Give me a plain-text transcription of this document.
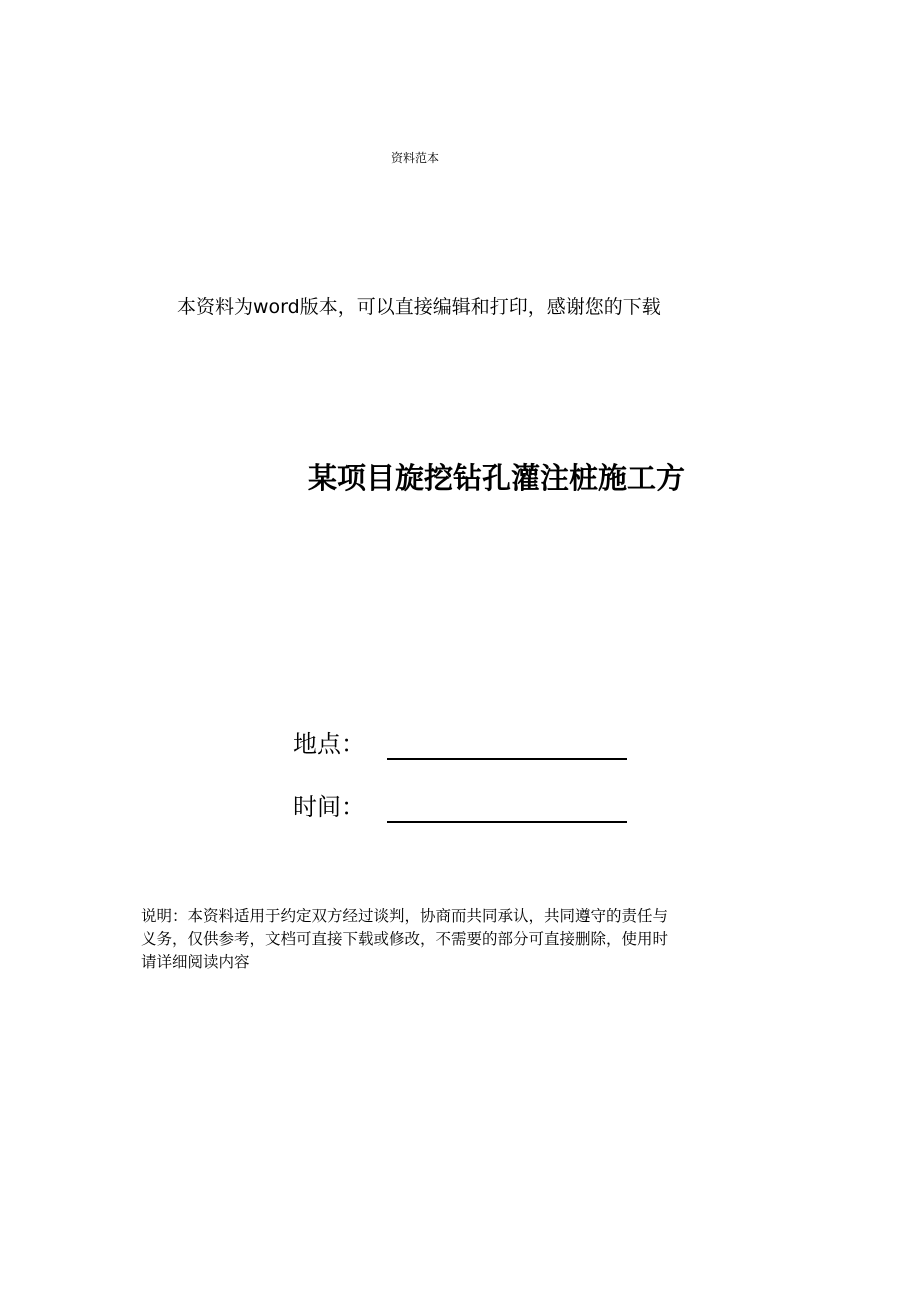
资料范本
本资料为word版本，可以直接编辑和打印，感谢您的下载
某项目旋挖钻孔灌注桩施工方
地点：
时间：
说明：本资料适用于约定双方经过谈判，协商而共同承认，共同遵守的责任与
义务，仅供参考，文档可直接下载或修改，不需要的部分可直接删除，使用时
请详细阅读内容
